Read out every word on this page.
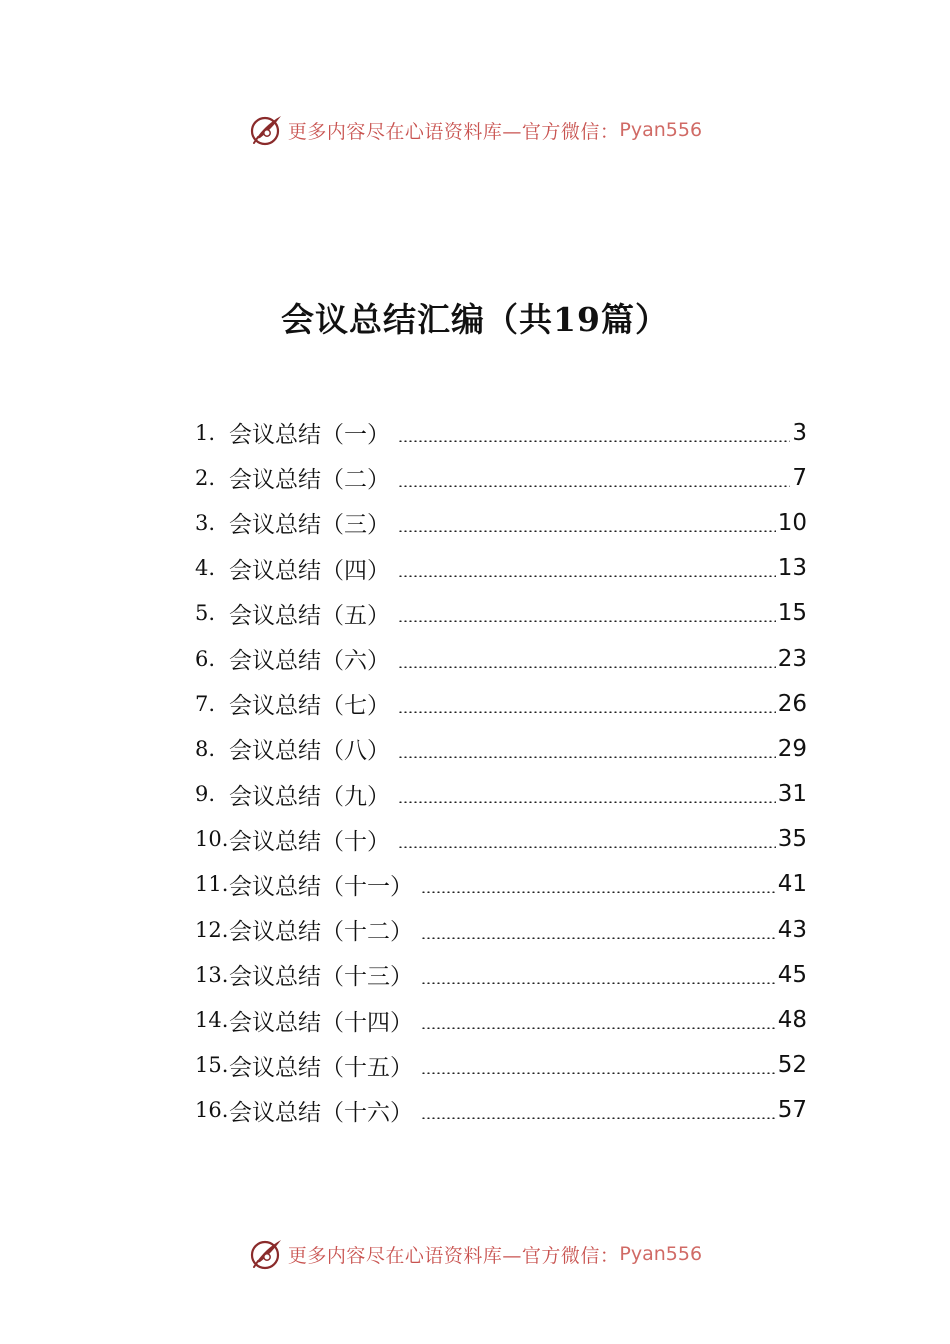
更多内容尽在心语资料库—官方微信： Pyan556
会议总结汇编（共19篇）
1. 会议总结（一）	3
2. 会议总结（二）	7
3. 会议总结（三）	10
4. 会议总结（四）	13
5. 会议总结（五）	15
6. 会议总结（六）	23
7. 会议总结（七）	26
8. 会议总结（八）	29
9. 会议总结（九）	31
10. 会议总结（十）	35
11. 会议总结（十一）	41
12. 会议总结（十二）	43
13. 会议总结（十三）	45
14. 会议总结（十四）	48
15. 会议总结（十五）	52
16. 会议总结（十六）	57
更多内容尽在心语资料库—官方微信： Pyan556
